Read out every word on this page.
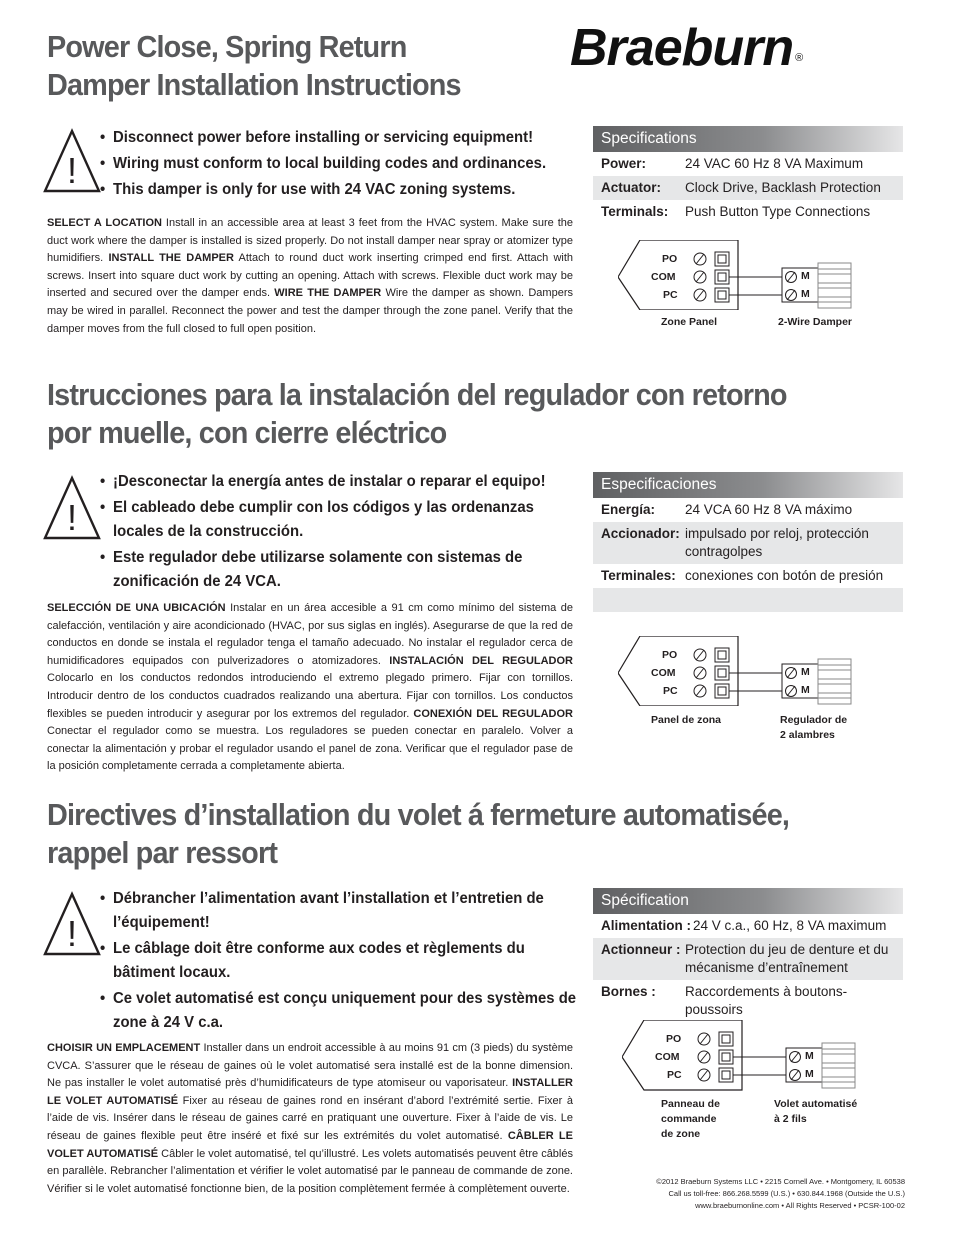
Braeburn ®
Power Close, Spring Return
Damper Installation Instructions
!
• Disconnect power before installing or servicing equipment!
• Wiring must conform to local building codes and ordinances.
• This damper is only for use with 24 VAC zoning systems.

SELECT A LOCATION Install in an accessible area at least 3 feet from the HVAC system. Make sure the duct work where the damper is installed is sized properly. Do not install damper near spray or atomizer type humidifiers. INSTALL THE DAMPER Attach to round duct work inserting crimped end first. Attach with screws. Insert into square duct work by cutting an opening. Attach with screws. Flexible duct work may be inserted and secured over the damper ends. WIRE THE DAMPER Wire the damper as shown. Dampers may be wired in parallel. Reconnect the power and test the damper through the zone panel. Verify that the damper moves from the full closed to full open position.

Specifications
Power:	24 VAC 60 Hz 8 VA Maximum
Actuator:	Clock Drive, Backlash Protection
Terminals:	Push Button Type Connections
PO
COM
PC
M
M
Zone Panel	2-Wire Damper
Istrucciones para la instalación del regulador con retorno
por muelle, con cierre eléctrico
!
• ¡Desconectar la energía antes de instalar o reparar el equipo!
• El cableado debe cumplir con los códigos y las ordenanzas locales de la construcción.
• Este regulador debe utilizarse solamente con sistemas de zonificación de 24 VCA.

SELECCIÓN DE UNA UBICACIÓN Instalar en un área accesible a 91 cm como mínimo del sistema de calefacción, ventilación y aire acondicionado (HVAC, por sus siglas en inglés). Asegurarse de que la red de conductos en donde se instala el regulador tenga el tamaño adecuado. No instalar el regulador cerca de humidificadores equipados con pulverizadores o atomizadores. INSTALACIÓN DEL REGULADOR Colocarlo en los conductos redondos introduciendo el extremo plegado primero. Fijar con tornillos. Introducir dentro de los conductos cuadrados realizando una abertura. Fijar con tornillos. Los conductos flexibles se pueden introducir y asegurar por los extremos del regulador. CONEXIÓN DEL REGULADOR Conectar el regulador como se muestra. Los reguladores se pueden conectar en paralelo. Volver a conectar la alimentación y probar el regulador usando el panel de zona. Verificar que el regulador pase de la posición completamente cerrada a completamente abierta.

Especificaciones
Energía:	24 VCA 60 Hz 8 VA máximo
Accionador: impulsado por reloj, protección contragolpes
Terminales: conexiones con botón de presión
PO
COM
PC
M
M
Panel de zona	Regulador de
2 alambres
Directives d’installation du volet á fermeture automatisée,
rappel par ressort
!
• Débrancher l’alimentation avant l’installation et l’entretien de l’équipement!
• Le câblage doit être conforme aux codes et règlements du bâtiment locaux.
• Ce volet automatisé est conçu uniquement pour des systèmes de zone à 24 V c.a.

CHOISIR UN EMPLACEMENT Installer dans un endroit accessible à au moins 91 cm (3 pieds) du système CVCA. S’assurer que le réseau de gaines où le volet automatisé sera installé est de la bonne dimension. Ne pas installer le volet automatisé près d’humidificateurs de type atomiseur ou vaporisateur. INSTALLER LE VOLET AUTOMATISÉ Fixer au réseau de gaines rond en insérant d’abord l’extrémité sertie. Fixer à l’aide de vis. Insérer dans le réseau de gaines carré en pratiquant une ouverture. Fixer à l’aide de vis. Le réseau de gaines flexible peut être inséré et fixé sur les extrémités du volet automatisé. CÂBLER LE VOLET AUTOMATISÉ Câbler le volet automatisé, tel qu’illustré. Les volets automatisés peuvent être câblés en parallèle. Rebrancher l’alimentation et vérifier le volet automatisé par le panneau de commande de zone. Vérifier si le volet automatisé fonctionne bien, de la position complètement fermée à complètement ouverte.

Spécification
Alimentation : 24 V c.a., 60 Hz, 8 VA maximum
Actionneur : Protection du jeu de denture et du mécanisme d’entraînement
Bornes :	Raccordements à boutons-poussoirs
PO
COM
PC
M
M
Panneau de
commande
de zone
Volet automatisé
à 2 fils
©2012 Braeburn Systems LLC • 2215 Cornell Ave. • Montgomery, IL 60538
Call us toll-free: 866.268.5599 (U.S.) • 630.844.1968 (Outside the U.S.)
www.braeburnonline.com • All Rights Reserved • PCSR-100-02
